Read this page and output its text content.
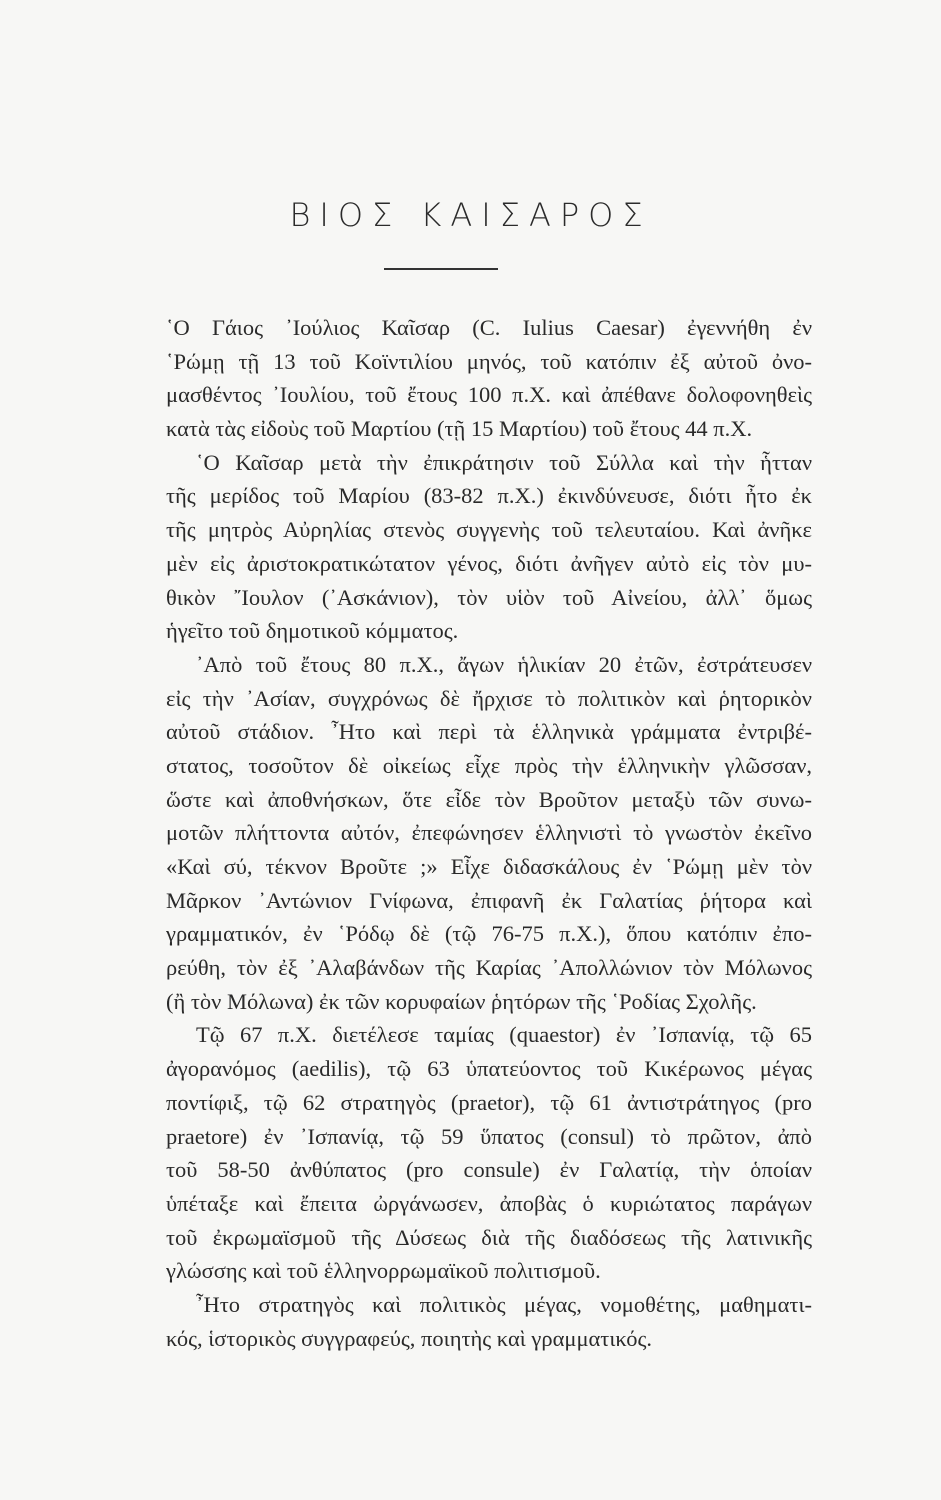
ΒΙΟΣ ΚΑΙΣΑΡΟΣ
῾Ο Γάιος ᾿Ιούλιος Καῖσαρ (C. Iulius Caesar) ἐγεννήθη ἐν
῾Ρώμῃ τῇ 13 τοῦ Κοϊντιλίου μηνός, τοῦ κατόπιν ἐξ αὐτοῦ ὀνο-
μασθέντος ᾿Ιουλίου, τοῦ ἔτους 100 π.Χ. καὶ ἀπέθανε δολοφονηθεὶς
κατὰ τὰς εἰδοὺς τοῦ Μαρτίου (τῇ 15 Μαρτίου) τοῦ ἔτους 44 π.Χ.
῾Ο Καῖσαρ μετὰ τὴν ἐπικράτησιν τοῦ Σύλλα καὶ τὴν ἧτταν
τῆς μερίδος τοῦ Μαρίου (83-82 π.Χ.) ἐκινδύνευσε, διότι ἦτο ἐκ
τῆς μητρὸς Αὐρηλίας στενὸς συγγενὴς τοῦ τελευταίου. Καὶ ἀνῆκε
μὲν εἰς ἀριστοκρατικώτατον γένος, διότι ἀνῆγεν αὐτὸ εἰς τὸν μυ-
θικὸν ῎Ιουλον (᾿Ασκάνιον), τὸν υἱὸν τοῦ Αἰνείου, ἀλλ᾿ ὅμως
ἡγεῖτο τοῦ δημοτικοῦ κόμματος.
᾿Απὸ τοῦ ἔτους 80 π.Χ., ἄγων ἡλικίαν 20 ἐτῶν, ἐστράτευσεν
εἰς τὴν ᾿Ασίαν, συγχρόνως δὲ ἤρχισε τὸ πολιτικὸν καὶ ῥητορικὸν
αὐτοῦ στάδιον. ῏Ητο καὶ περὶ τὰ ἑλληνικὰ γράμματα ἐντριβέ-
στατος, τοσοῦτον δὲ οἰκείως εἶχε πρὸς τὴν ἑλληνικὴν γλῶσσαν,
ὥστε καὶ ἀποθνήσκων, ὅτε εἶδε τὸν Βροῦτον μεταξὺ τῶν συνω-
μοτῶν πλήττοντα αὐτόν, ἐπεφώνησεν ἑλληνιστὶ τὸ γνωστὸν ἐκεῖνο
«Καὶ σύ, τέκνον Βροῦτε ;» Εἶχε διδασκάλους ἐν ῾Ρώμῃ μὲν τὸν
Μᾶρκον ᾿Αντώνιον Γνίφωνα, ἐπιφανῆ ἐκ Γαλατίας ῥήτορα καὶ
γραμματικόν, ἐν ῾Ρόδῳ δὲ (τῷ 76-75 π.Χ.), ὅπου κατόπιν ἐπο-
ρεύθη, τὸν ἐξ ᾿Αλαβάνδων τῆς Καρίας ᾿Απολλώνιον τὸν Μόλωνος
(ἢ τὸν Μόλωνα) ἐκ τῶν κορυφαίων ῥητόρων τῆς ῾Ροδίας Σχολῆς.
Τῷ 67 π.Χ. διετέλεσε ταμίας (quaestor) ἐν ᾿Ισπανίᾳ, τῷ 65
ἀγορανόμος (aedilis), τῷ 63 ὑπατεύοντος τοῦ Κικέρωνος μέγας
ποντίφιξ, τῷ 62 στρατηγὸς (praetor), τῷ 61 ἀντιστράτηγος (pro
praetore) ἐν ᾿Ισπανίᾳ, τῷ 59 ὕπατος (consul) τὸ πρῶτον, ἀπὸ
τοῦ 58-50 ἀνθύπατος (pro consule) ἐν Γαλατίᾳ, τὴν ὁποίαν
ὑπέταξε καὶ ἔπειτα ὠργάνωσεν, ἀποβὰς ὁ κυριώτατος παράγων
τοῦ ἐκρωμαϊσμοῦ τῆς Δύσεως διὰ τῆς διαδόσεως τῆς λατινικῆς
γλώσσης καὶ τοῦ ἑλληνορρωμαϊκοῦ πολιτισμοῦ.
῏Ητο στρατηγὸς καὶ πολιτικὸς μέγας, νομοθέτης, μαθηματι-
κός, ἱστορικὸς συγγραφεύς, ποιητὴς καὶ γραμματικός.
